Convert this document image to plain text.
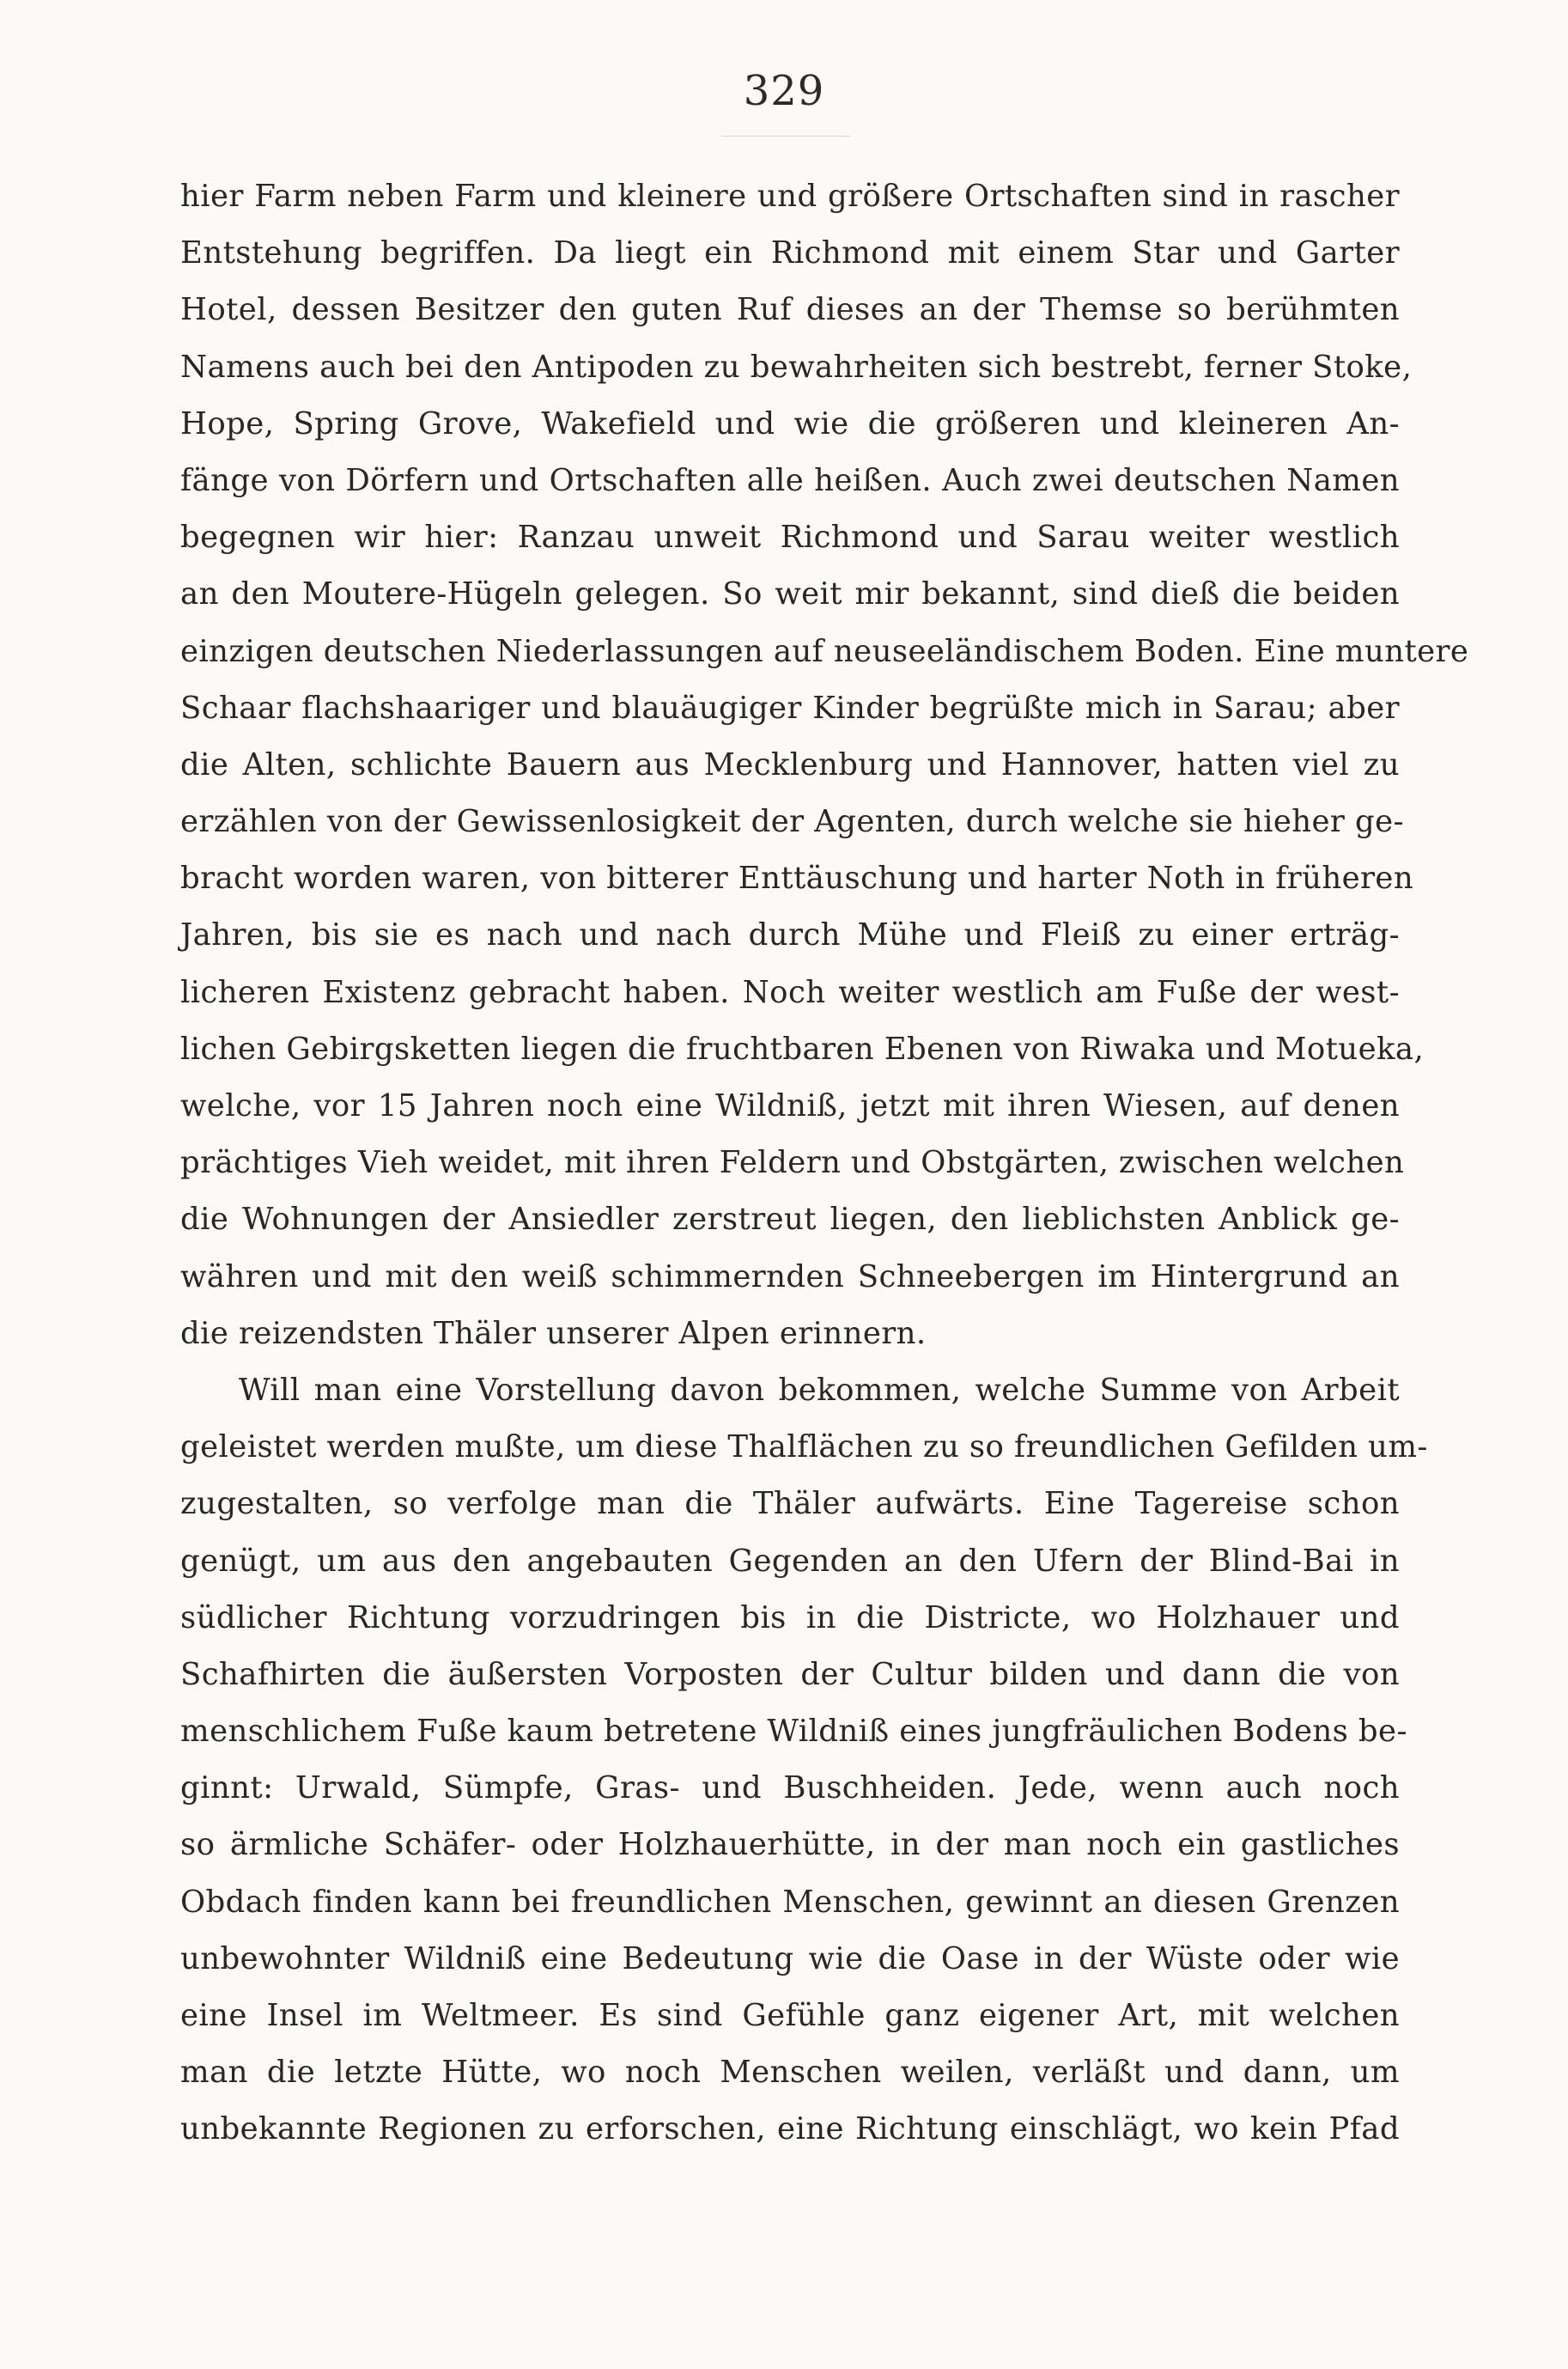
329
hier Farm neben Farm und kleinere und größere Ortschaften sind in rascher
Entstehung begriffen. Da liegt ein Richmond mit einem Star und Garter
Hotel, dessen Besitzer den guten Ruf dieses an der Themse so berühmten
Namens auch bei den Antipoden zu bewahrheiten sich bestrebt, ferner Stoke,
Hope, Spring Grove, Wakefield und wie die größeren und kleineren An-
fänge von Dörfern und Ortschaften alle heißen. Auch zwei deutschen Namen
begegnen wir hier: Ranzau unweit Richmond und Sarau weiter westlich
an den Moutere-Hügeln gelegen. So weit mir bekannt, sind dieß die beiden
einzigen deutschen Niederlassungen auf neuseeländischem Boden. Eine muntere
Schaar flachshaariger und blauäugiger Kinder begrüßte mich in Sarau; aber
die Alten, schlichte Bauern aus Mecklenburg und Hannover, hatten viel zu
erzählen von der Gewissenlosigkeit der Agenten, durch welche sie hieher ge-
bracht worden waren, von bitterer Enttäuschung und harter Noth in früheren
Jahren, bis sie es nach und nach durch Mühe und Fleiß zu einer erträg-
licheren Existenz gebracht haben. Noch weiter westlich am Fuße der west-
lichen Gebirgsketten liegen die fruchtbaren Ebenen von Riwaka und Motueka,
welche, vor 15 Jahren noch eine Wildniß, jetzt mit ihren Wiesen, auf denen
prächtiges Vieh weidet, mit ihren Feldern und Obstgärten, zwischen welchen
die Wohnungen der Ansiedler zerstreut liegen, den lieblichsten Anblick ge-
währen und mit den weiß schimmernden Schneebergen im Hintergrund an
die reizendsten Thäler unserer Alpen erinnern.
Will man eine Vorstellung davon bekommen, welche Summe von Arbeit
geleistet werden mußte, um diese Thalflächen zu so freundlichen Gefilden um-
zugestalten, so verfolge man die Thäler aufwärts. Eine Tagereise schon
genügt, um aus den angebauten Gegenden an den Ufern der Blind-Bai in
südlicher Richtung vorzudringen bis in die Districte, wo Holzhauer und
Schafhirten die äußersten Vorposten der Cultur bilden und dann die von
menschlichem Fuße kaum betretene Wildniß eines jungfräulichen Bodens be-
ginnt: Urwald, Sümpfe, Gras- und Buschheiden. Jede, wenn auch noch
so ärmliche Schäfer- oder Holzhauerhütte, in der man noch ein gastliches
Obdach finden kann bei freundlichen Menschen, gewinnt an diesen Grenzen
unbewohnter Wildniß eine Bedeutung wie die Oase in der Wüste oder wie
eine Insel im Weltmeer. Es sind Gefühle ganz eigener Art, mit welchen
man die letzte Hütte, wo noch Menschen weilen, verläßt und dann, um
unbekannte Regionen zu erforschen, eine Richtung einschlägt, wo kein Pfad
